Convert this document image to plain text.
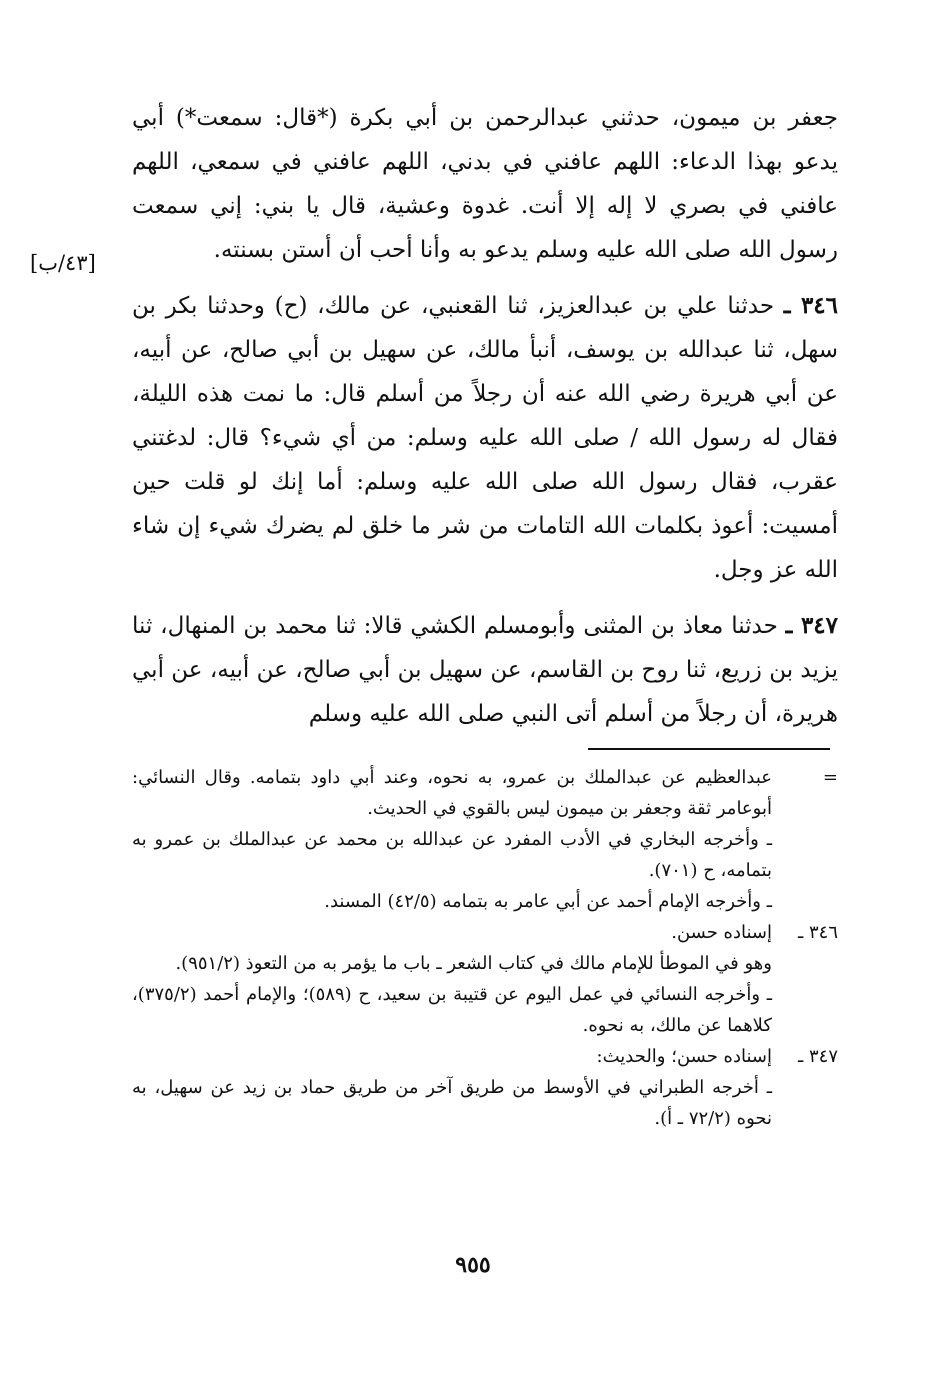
جعفر بن ميمون، حدثني عبدالرحمن بن أبي بكرة (*قال: سمعت*) أبي يدعو بهذا الدعاء: اللهم عافني في بدني، اللهم عافني في سمعي، اللهم عافني في بصري لا إله إلا أنت. غدوة وعشية، قال يا بني: إني سمعت رسول الله صلى الله عليه وسلم يدعو به وأنا أحب أن أستن بسنته.

٣٤٦ ـ حدثنا علي بن عبدالعزيز، ثنا القعنبي، عن مالك، (ح) وحدثنا بكر بن سهل، ثنا عبدالله بن يوسف، أنبأ مالك، عن سهيل بن أبي صالح، عن أبيه، عن أبي هريرة رضي الله عنه أن رجلاً من أسلم قال: ما نمت هذه الليلة، فقال له رسول الله / صلى الله عليه وسلم: من أي شيء؟ قال: لدغتني عقرب، فقال رسول الله صلى الله عليه وسلم: أما إنك لو قلت حين أمسيت: أعوذ بكلمات الله التامات من شر ما خلق لم يضرك شيء إن شاء الله عز وجل.

٣٤٧ ـ حدثنا معاذ بن المثنى وأبومسلم الكشي قالا: ثنا محمد بن المنهال، ثنا يزيد بن زريع، ثنا روح بن القاسم، عن سهيل بن أبي صالح، عن أبيه، عن أبي هريرة، أن رجلاً من أسلم أتى النبي صلى الله عليه وسلم

[٤٣/ب]
=
عبدالعظيم عن عبدالملك بن عمرو، به نحوه، وعند أبي داود بتمامه. وقال النسائي: أبوعامر ثقة وجعفر بن ميمون ليس بالقوي في الحديث.
ـ وأخرجه البخاري في الأدب المفرد عن عبدالله بن محمد عن عبدالملك بن عمرو به بتمامه، ح (٧٠١).
ـ وأخرجه الإمام أحمد عن أبي عامر به بتمامه (٤٢/٥) المسند.
٣٤٦ ـ
إسناده حسن.
وهو في الموطأ للإمام مالك في كتاب الشعر ـ باب ما يؤمر به من التعوذ (٩٥١/٢).
ـ وأخرجه النسائي في عمل اليوم عن قتيبة بن سعيد، ح (٥٨٩)؛ والإمام أحمد (٣٧٥/٢)، كلاهما عن مالك، به نحوه.
٣٤٧ ـ
إسناده حسن؛ والحديث:
ـ أخرجه الطبراني في الأوسط من طريق آخر من طريق حماد بن زيد عن سهيل، به نحوه (٧٢/٢ ـ أ).
٩٥٥
